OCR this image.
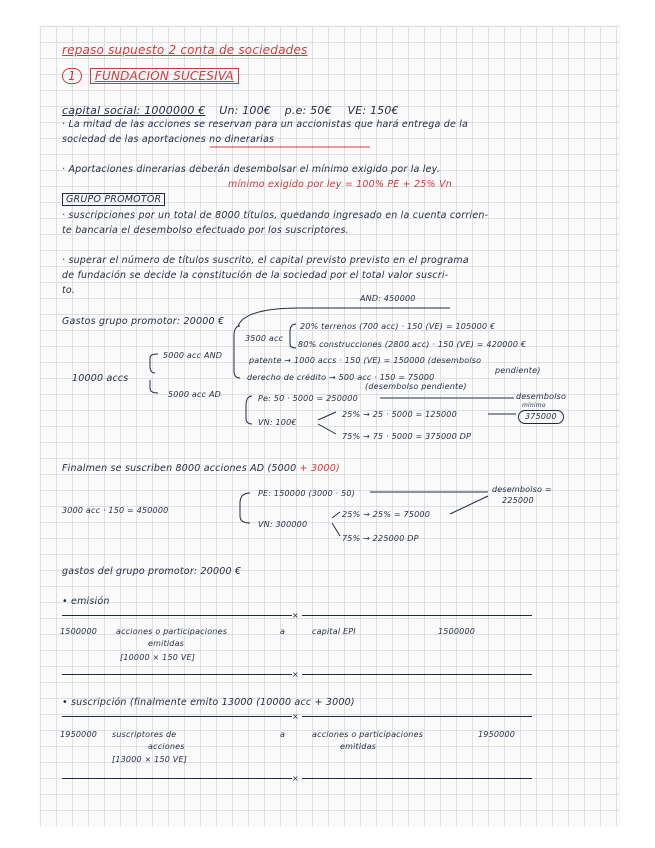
repaso supuesto 2 conta de sociedades
1 FUNDACIÓN SUCESIVA
capital social: 1000000 € Un: 100€ p.e: 50€ VE: 150€
· La mitad de las acciones se reservan para un accionistas que hará entrega de la
sociedad de las aportaciones no dinerarias
· Aportaciones dinerarias deberán desembolsar el mínimo exigido por la ley.
mínimo exigido por ley = 100% PE + 25% Vn
GRUPO PROMOTOR
· suscripciones por un total de 8000 títulos, quedando ingresado en la cuenta corrien-
te bancaria el desembolso efectuado por los suscriptores.
· superar el número de títulos suscrito, el capital previsto previsto en el programa
de fundación se decide la constitución de la sociedad por el total valor suscri-
to.
AND: 450000
Gastos grupo promotor: 20000 €	20% terrenos (700 acc) · 150 (VE) = 105000 €
80% construcciones (2800 acc) · 150 (VE) = 420000 €
3500 acc
5000 acc AND
patente → 1000 accs · 150 (VE) = 150000 (desembolso
pendiente)
10000 accs	derecho de crédito → 500 acc · 150 = 75000
(desembolso pendiente)
5000 acc AD	Pe: 50 · 5000 = 250000
VN: 100€
25% → 25 · 5000 = 125000
75% → 75 · 5000 = 375000 DP
desembolso
mínimo
375000
Finalmen se suscriben 8000 acciones AD (5000 + 3000)
desembolso =
225000
PE: 150000 (3000 · 50)
3000 acc · 150 = 450000
VN: 300000
25% → 25% = 75000
75% → 225000 DP
gastos del grupo promotor: 20000 €
• emisión
×
1500000 acciones o participaciones
emitidas
a	capital EPI	1500000
[10000 × 150 VE]
×
• suscripción (finalmente emito 13000 (10000 acc + 3000)
×
1950000 suscriptores de
acciones
a	acciones o participaciones
emitidas
1950000
[13000 × 150 VE]
×
